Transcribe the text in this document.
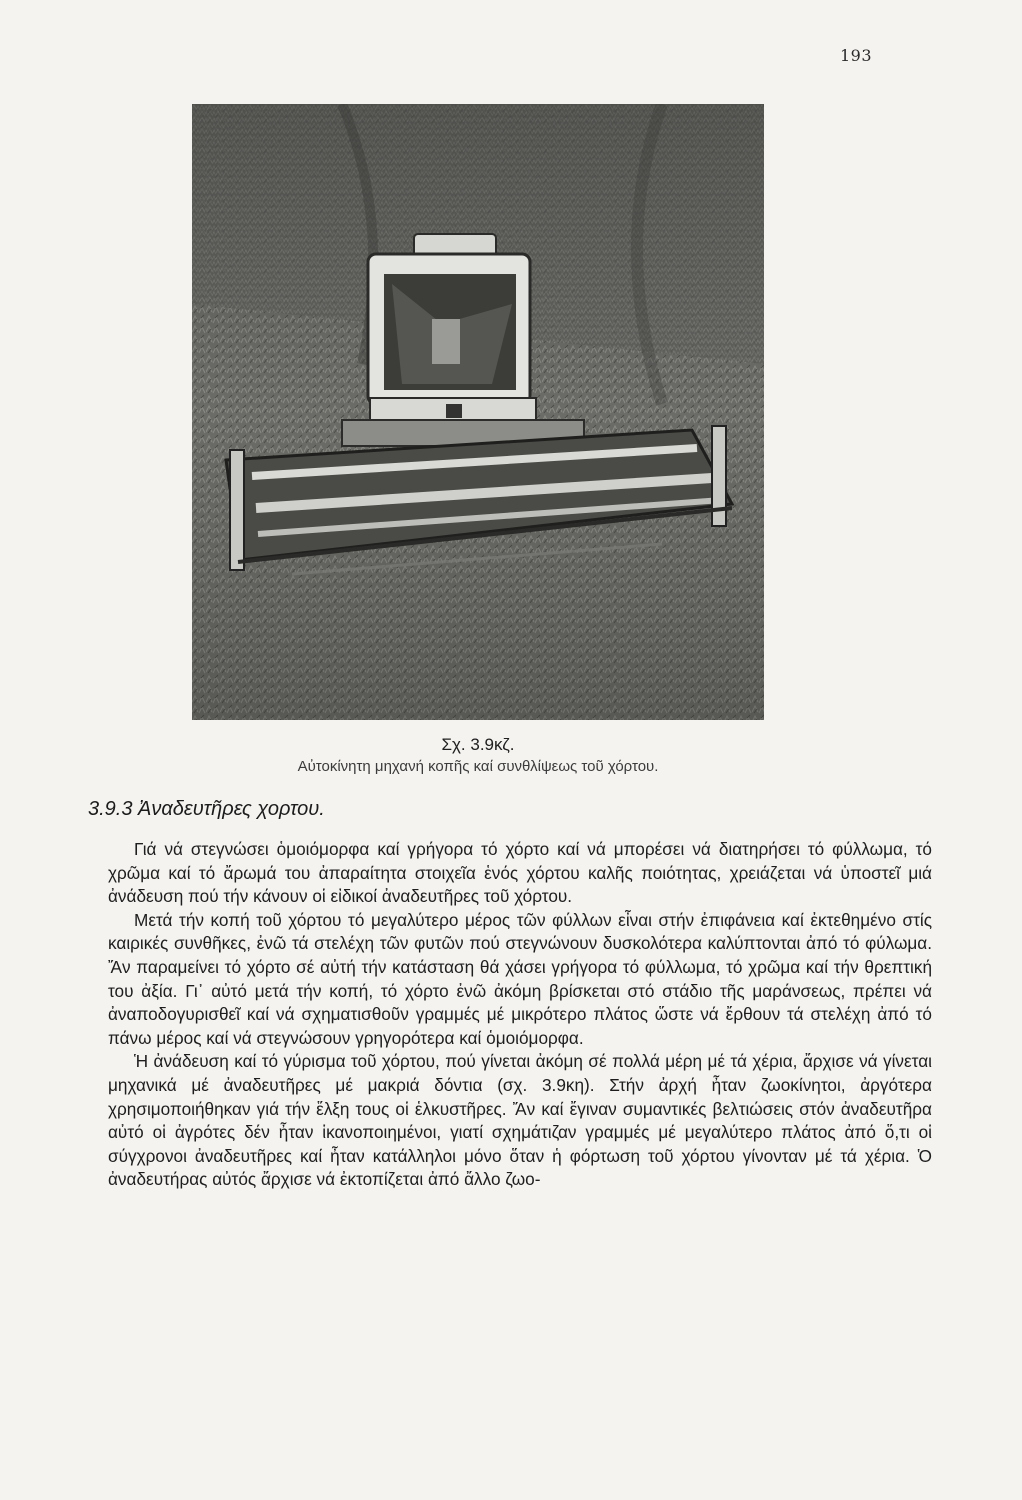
193
Σχ. 3.9κζ.
Αὐτοκίνητη μηχανή κοπῆς καί συνθλίψεως τοῦ χόρτου.
3.9.3 Ἀναδευτῆρες χορτου.

Γιά νά στεγνώσει ὁμοιόμορφα καί γρήγορα τό χόρτο καί νά μπορέσει νά διατηρήσει τό φύλλωμα, τό χρῶμα καί τό ἄρωμά του ἀπαραίτητα στοιχεῖα ἑνός χόρτου καλῆς ποιότητας, χρειάζεται νά ὑποστεῖ μιά ἀνάδευση πού τήν κάνουν οἱ εἰδικοί ἀναδευτῆρες τοῦ χόρτου.

Μετά τήν κοπή τοῦ χόρτου τό μεγαλύτερο μέρος τῶν φύλλων εἶναι στήν ἐπιφάνεια καί ἐκτεθημένο στίς καιρικές συνθῆκες, ἐνῶ τά στελέχη τῶν φυτῶν πού στεγνώνουν δυσκολότερα καλύπτονται ἀπό τό φύλωμα. Ἄν παραμείνει τό χόρτο σέ αὐτή τήν κατάσταση θά χάσει γρήγορα τό φύλλωμα, τό χρῶμα καί τήν θρεπτική του ἀξία. Γι᾽ αὐτό μετά τήν κοπή, τό χόρτο ἐνῶ ἀκόμη βρίσκεται στό στάδιο τῆς μαράνσεως, πρέπει νά ἀναποδογυρισθεῖ καί νά σχηματισθοῦν γραμμές μέ μικρότερο πλάτος ὥστε νά ἔρθουν τά στελέχη ἀπό τό πάνω μέρος καί νά στεγνώσουν γρηγορότερα καί ὁμοιόμορφα.

Ἡ ἀνάδευση καί τό γύρισμα τοῦ χόρτου, πού γίνεται ἀκόμη σέ πολλά μέρη μέ τά χέρια, ἄρχισε νά γίνεται μηχανικά μέ ἀναδευτῆρες μέ μακριά δόντια (σχ. 3.9κη). Στήν ἀρχή ἦταν ζωοκίνητοι, ἀργότερα χρησιμοποιήθηκαν γιά τήν ἕλξη τους οἱ ἑλκυστῆρες. Ἄν καί ἔγιναν συμαντικές βελτιώσεις στόν ἀναδευτῆρα αὐτό οἱ ἀγρότες δέν ἦταν ἱκανοποιημένοι, γιατί σχημάτιζαν γραμμές μέ μεγαλύτερο πλάτος ἀπό ὅ,τι οἱ σύγχρονοι ἀναδευτῆρες καί ἦταν κατάλληλοι μόνο ὅταν ἡ φόρτωση τοῦ χόρτου γίνονταν μέ τά χέρια. Ὁ ἀναδευτήρας αὐτός ἄρχισε νά ἐκτοπίζεται ἀπό ἄλλο ζωο-
